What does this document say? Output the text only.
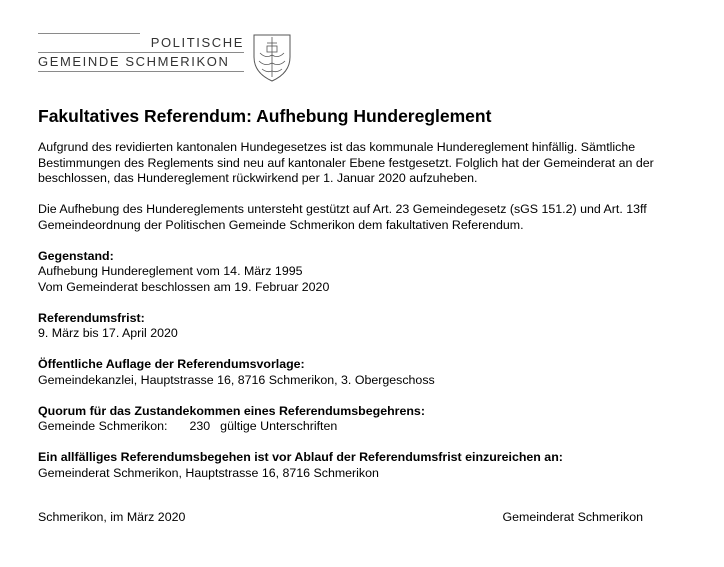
POLITISCHE
GEMEINDE SCHMERIKON
Fakultatives Referendum: Aufhebung Hundereglement

Aufgrund des revidierten kantonalen Hundegesetzes ist das kommunale Hundereglement hinfällig. Sämtliche Bestimmungen des Reglements sind neu auf kantonaler Ebene festgesetzt. Folglich hat der Gemeinderat an der beschlossen, das Hundereglement rückwirkend per 1. Januar 2020 aufzuheben.

Die Aufhebung des Hundereglements untersteht gestützt auf Art. 23 Gemeindegesetz (sGS 151.2) und Art. 13ff Gemeindeordnung der Politischen Gemeinde Schmerikon dem fakultativen Referendum.

Gegenstand:
Aufhebung Hundereglement vom 14. März 1995
Vom Gemeinderat beschlossen am 19. Februar 2020
Referendumsfrist:
9. März bis 17. April 2020
Öffentliche Auflage der Referendumsvorlage:
Gemeindekanzlei, Hauptstrasse 16, 8716 Schmerikon, 3. Obergeschoss
Quorum für das Zustandekommen eines Referendumsbegehrens:
Gemeinde Schmerikon: 230 gültige Unterschriften
Ein allfälliges Referendumsbegehen ist vor Ablauf der Referendumsfrist einzureichen an:
Gemeinderat Schmerikon, Hauptstrasse 16, 8716 Schmerikon
Schmerikon, im März 2020	Gemeinderat Schmerikon
